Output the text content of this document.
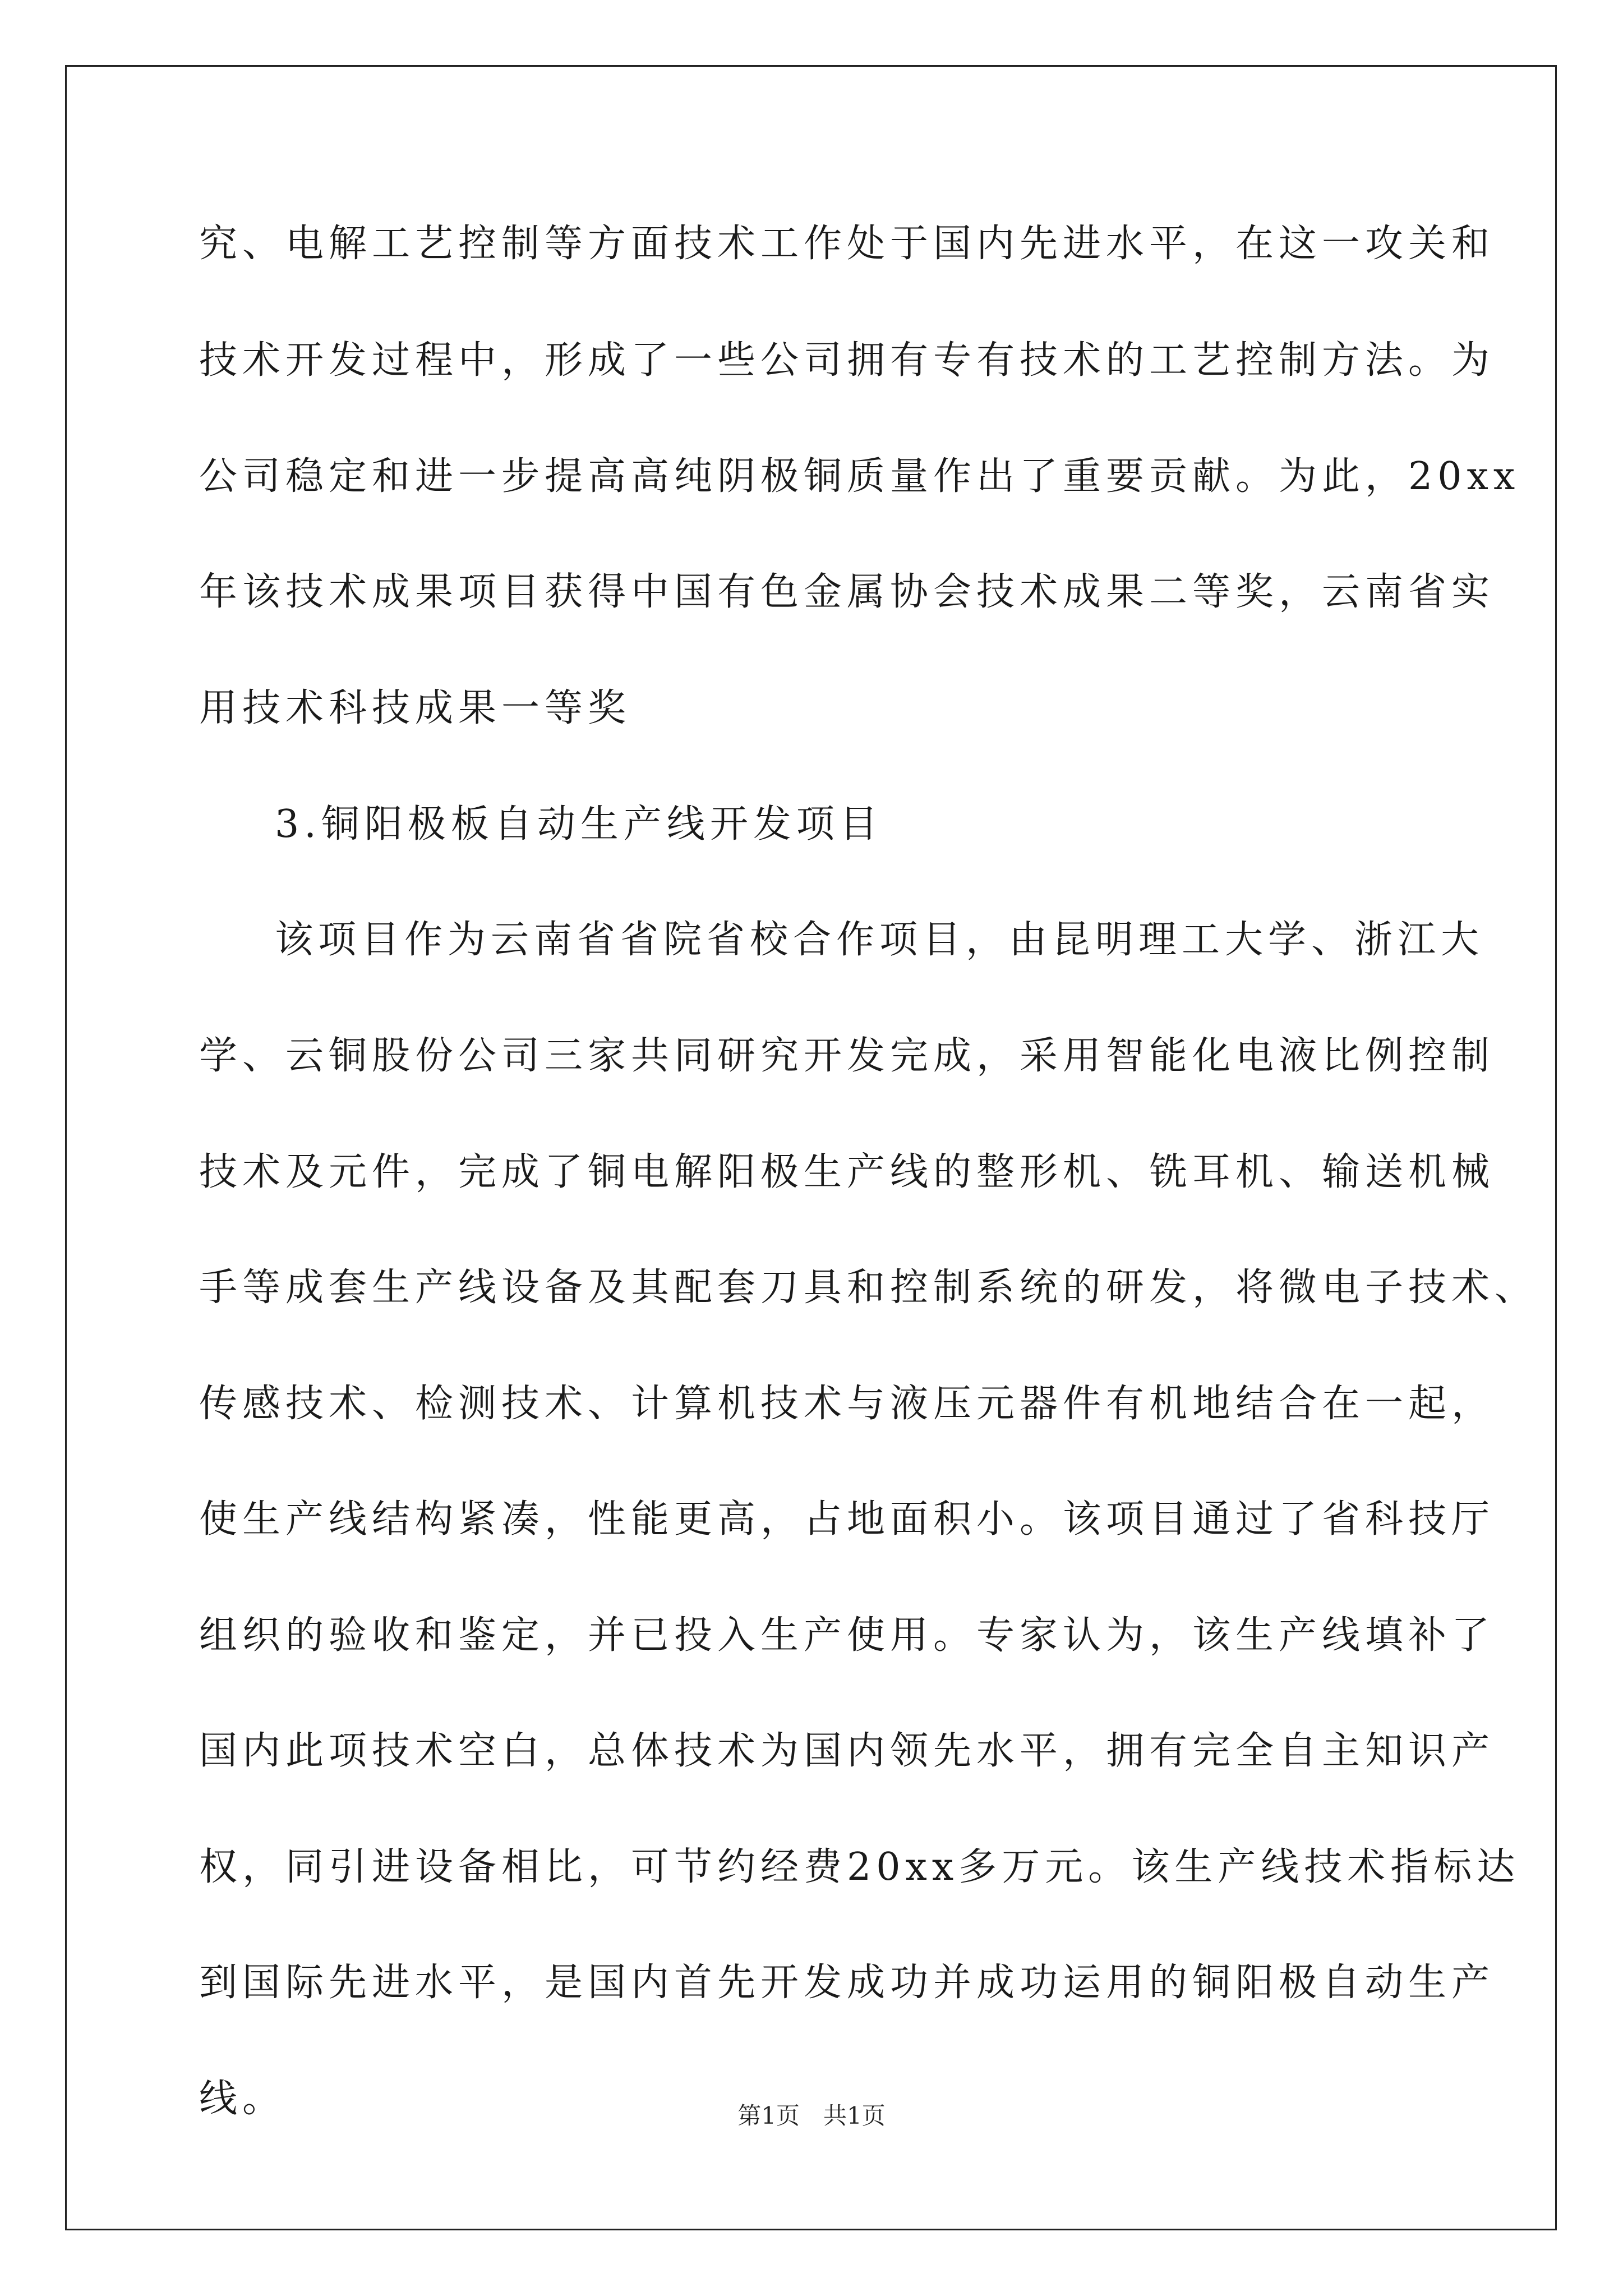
究、电解工艺控制等方面技术工作处于国内先进水平，在这一攻关和
技术开发过程中，形成了一些公司拥有专有技术的工艺控制方法。为
公司稳定和进一步提高高纯阴极铜质量作出了重要贡献。为此，20xx
年该技术成果项目获得中国有色金属协会技术成果二等奖，云南省实
用技术科技成果一等奖
3.铜阳极板自动生产线开发项目
该项目作为云南省省院省校合作项目，由昆明理工大学、浙江大
学、云铜股份公司三家共同研究开发完成，采用智能化电液比例控制
技术及元件，完成了铜电解阳极生产线的整形机、铣耳机、输送机械
手等成套生产线设备及其配套刀具和控制系统的研发，将微电子技术、
传感技术、检测技术、计算机技术与液压元器件有机地结合在一起，
使生产线结构紧凑，性能更高，占地面积小。该项目通过了省科技厅
组织的验收和鉴定，并已投入生产使用。专家认为，该生产线填补了
国内此项技术空白，总体技术为国内领先水平，拥有完全自主知识产
权，同引进设备相比，可节约经费20xx多万元。该生产线技术指标达
到国际先进水平，是国内首先开发成功并成功运用的铜阳极自动生产
线。	第1页　共1页
